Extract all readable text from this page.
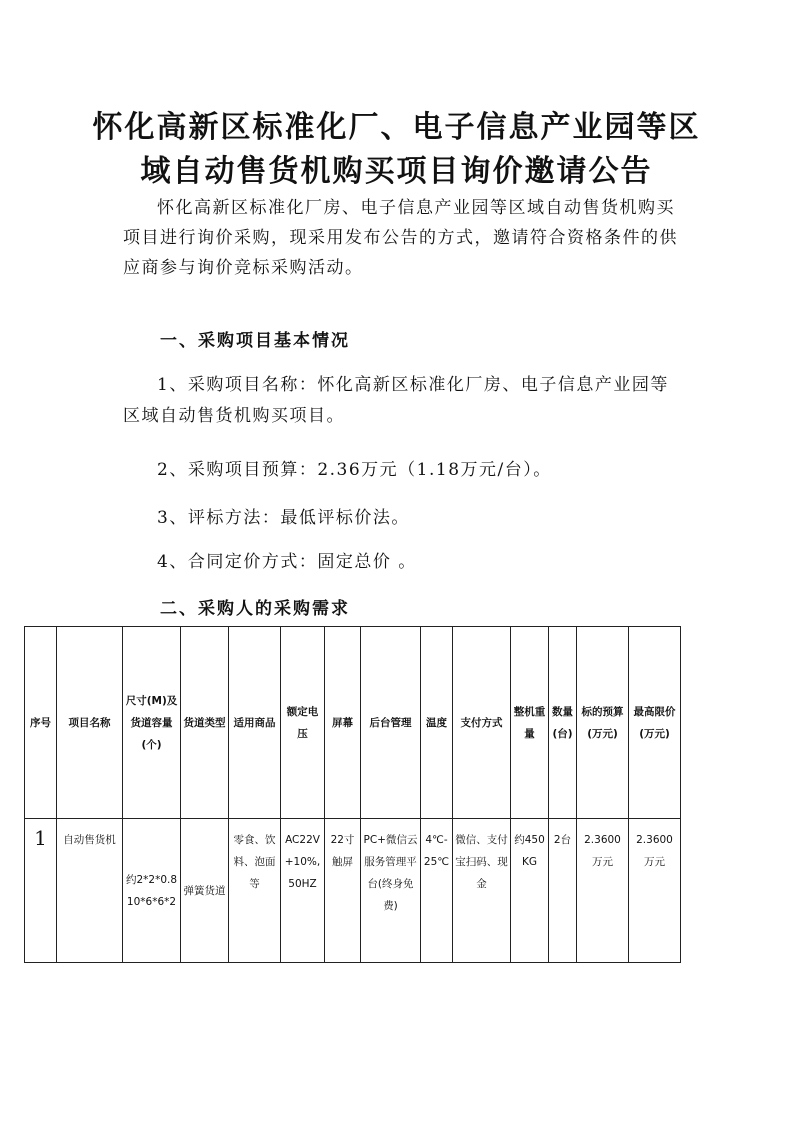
怀化高新区标准化厂、电子信息产业园等区
域自动售货机购买项目询价邀请公告
怀化高新区标准化厂房、电子信息产业园等区域自动售货机购买项目进行询价采购，现采用发布公告的方式，邀请符合资格条件的供应商参与询价竞标采购活动。
一、采购项目基本情况
1、采购项目名称：怀化高新区标准化厂房、电子信息产业园等区域自动售货机购买项目。
2、采购项目预算：2.36万元（1.18万元/台）。
3、评标方法：最低评标价法。
4、合同定价方式：固定总价 。
二、采购人的采购需求
序号	项目名称	尺寸(M)及货道容量(个)	货道类型	适用商品	额定电压	屏幕	后台管理	温度	支付方式	整机重量	数量(台)	标的预算(万元)	最高限价(万元)
1	自动售货机	约2*2*0.8 10*6*6*2	弹簧货道	零食、饮料、泡面等	AC22V+10%,50HZ	22寸触屏	PC+微信云服务管理平台(终身免费)	4℃-25℃	微信、支付宝扫码、现金	约450KG	2台	2.3600万元	2.3600万元
